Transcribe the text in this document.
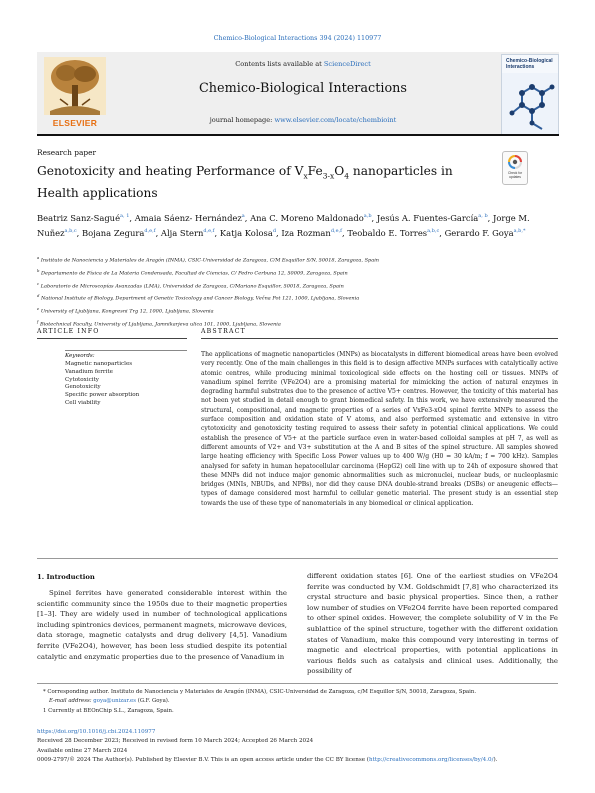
Chemico-Biological Interactions 394 (2024) 110977
ELSEVIER
Contents lists available at ScienceDirect
Chemico-Biological Interactions
journal homepage: www.elsevier.com/locate/chembioint
Chemico-Biological Interactions
Research paper
Genotoxicity and heating Performance of $V_xFe_{3-x}O_4$ nanoparticles in Health applications
Check for updates
Beatriz Sanz-Sagué$^{a, 1}$, Amaia Sáenz- Hernández$^a$, Ana C. Moreno Maldonado$^{a,b}$, Jesús A. Fuentes-García$^{a, b}$, Jorge M. Nuñez$^{a,b,c}$, Bojana Zegura$^{d,e,f}$, Alja Stern$^{d,e,f}$, Katja Kolosa$^d$, Iza Rozman$^{d,e,f}$, Teobaldo E. Torres$^{a,b,c}$, Gerardo F. Goya$^{a,b,*}$
$^a$ Instituto de Nanociencia y Materiales de Aragón (INMA), CSIC-Universidad de Zaragoza, C/M Esquillor S/N, 50018, Zaragoza, Spain
$^b$ Departamento de Física de La Materia Condensada, Facultad de Ciencias, C/ Pedro Cerbuna 12, 50009, Zaragoza, Spain
$^c$ Laboratorio de Microscopías Avanzadas (LMA), Universidad de Zaragoza, C/Mariano Esquillor, 50018, Zaragoza, Spain
$^d$ National Institute of Biology, Department of Genetic Toxicology and Cancer Biology, Večna Pot 121, 1000, Ljubljana, Slovenia
$^e$ University of Ljubljana, Kongresni Trg 12, 1000, Ljubljana, Slovenia
$^f$ Biotechnical Faculty, University of Ljubljana, Jamnikarjeva ulica 101, 1000, Ljubljana, Slovenia
ARTICLE INFO	ABSTRACT
Keywords:
Magnetic nanoparticles
Vanadium ferrite
Cytotoxicity
Genotoxicity
Specific power absorption
Cell viability

The applications of magnetic nanoparticles (MNPs) as biocatalysts in different biomedical areas have been evolved very recently. One of the main challenges in this field is to design affective MNPs surfaces with catalytically active atomic centres, while producing minimal toxicological side effects on the hosting cell or tissues. MNPs of vanadium spinel ferrite (VFe2O4) are a promising material for mimicking the action of natural enzymes in degrading harmful substrates due to the presence of active V5+ centres. However, the toxicity of this material has not been yet studied in detail enough to grant biomedical safety. In this work, we have extensively measured the structural, compositional, and magnetic properties of a series of VxFe3-xO4 spinel ferrite MNPs to assess the surface composition and oxidation state of V atoms, and also performed systematic and extensive in vitro cytotoxicity and genotoxicity testing required to assess their safety in potential clinical applications. We could establish the presence of V5+ at the particle surface even in water-based colloidal samples at pH 7, as well as different amounts of V2+ and V3+ substitution at the A and B sites of the spinel structure. All samples showed large heating efficiency with Specific Loss Power values up to 400 W/g (H0 = 30 kA/m; f = 700 kHz). Samples analysed for safety in human hepatocellular carcinoma (HepG2) cell line with up to 24h of exposure showed that these MNPs did not induce major genomic abnormalities such as micronuclei, nuclear buds, or nucleoplasmic bridges (MNIs, NBUDs, and NPBs), nor did they cause DNA double-strand breaks (DSBs) or aneugenic effects—types of damage considered most harmful to cellular genetic material. The present study is an essential step towards the use of these type of nanomaterials in any biomedical or clinical application.

1. Introduction

Spinel ferrites have generated considerable interest within the scientific community since the 1950s due to their magnetic properties [1–3]. They are widely used in number of technological applications including spintronics devices, permanent magnets, microwave devices, data storage, magnetic catalysts and drug delivery [4,5]. Vanadium ferrite (VFe2O4), however, has been less studied despite its potential catalytic and enzymatic properties due to the presence of Vanadium in

different oxidation states [6]. One of the earliest studies on VFe2O4 ferrite was conducted by V.M. Goldschmidt [7,8] who characterized its crystal structure and basic physical properties. Since then, a rather low number of studies on VFe2O4 ferrite have been reported compared to other spinel oxides. However, the complete solubility of V in the Fe sublattice of the spinel structure, together with the different oxidation states of Vanadium, make this compound very interesting in terms of magnetic and electrical properties, with potential applications in various fields such as catalysis and clinical uses. Additionally, the possibility of

* Corresponding author. Instituto de Nanociencia y Materiales de Aragón (INMA), CSIC-Universidad de Zaragoza, c/M Esquillor S/N, 50018, Zaragoza, Spain.
E-mail address: goya@unizar.es (G.F. Goya).
1 Currently at BEOnChip S.L., Zaragoza, Spain.
https://doi.org/10.1016/j.cbi.2024.110977
Received 28 December 2023; Received in revised form 10 March 2024; Accepted 26 March 2024
Available online 27 March 2024
0009-2797/© 2024 The Author(s). Published by Elsevier B.V. This is an open access article under the CC BY license (http://creativecommons.org/licenses/by/4.0/).
